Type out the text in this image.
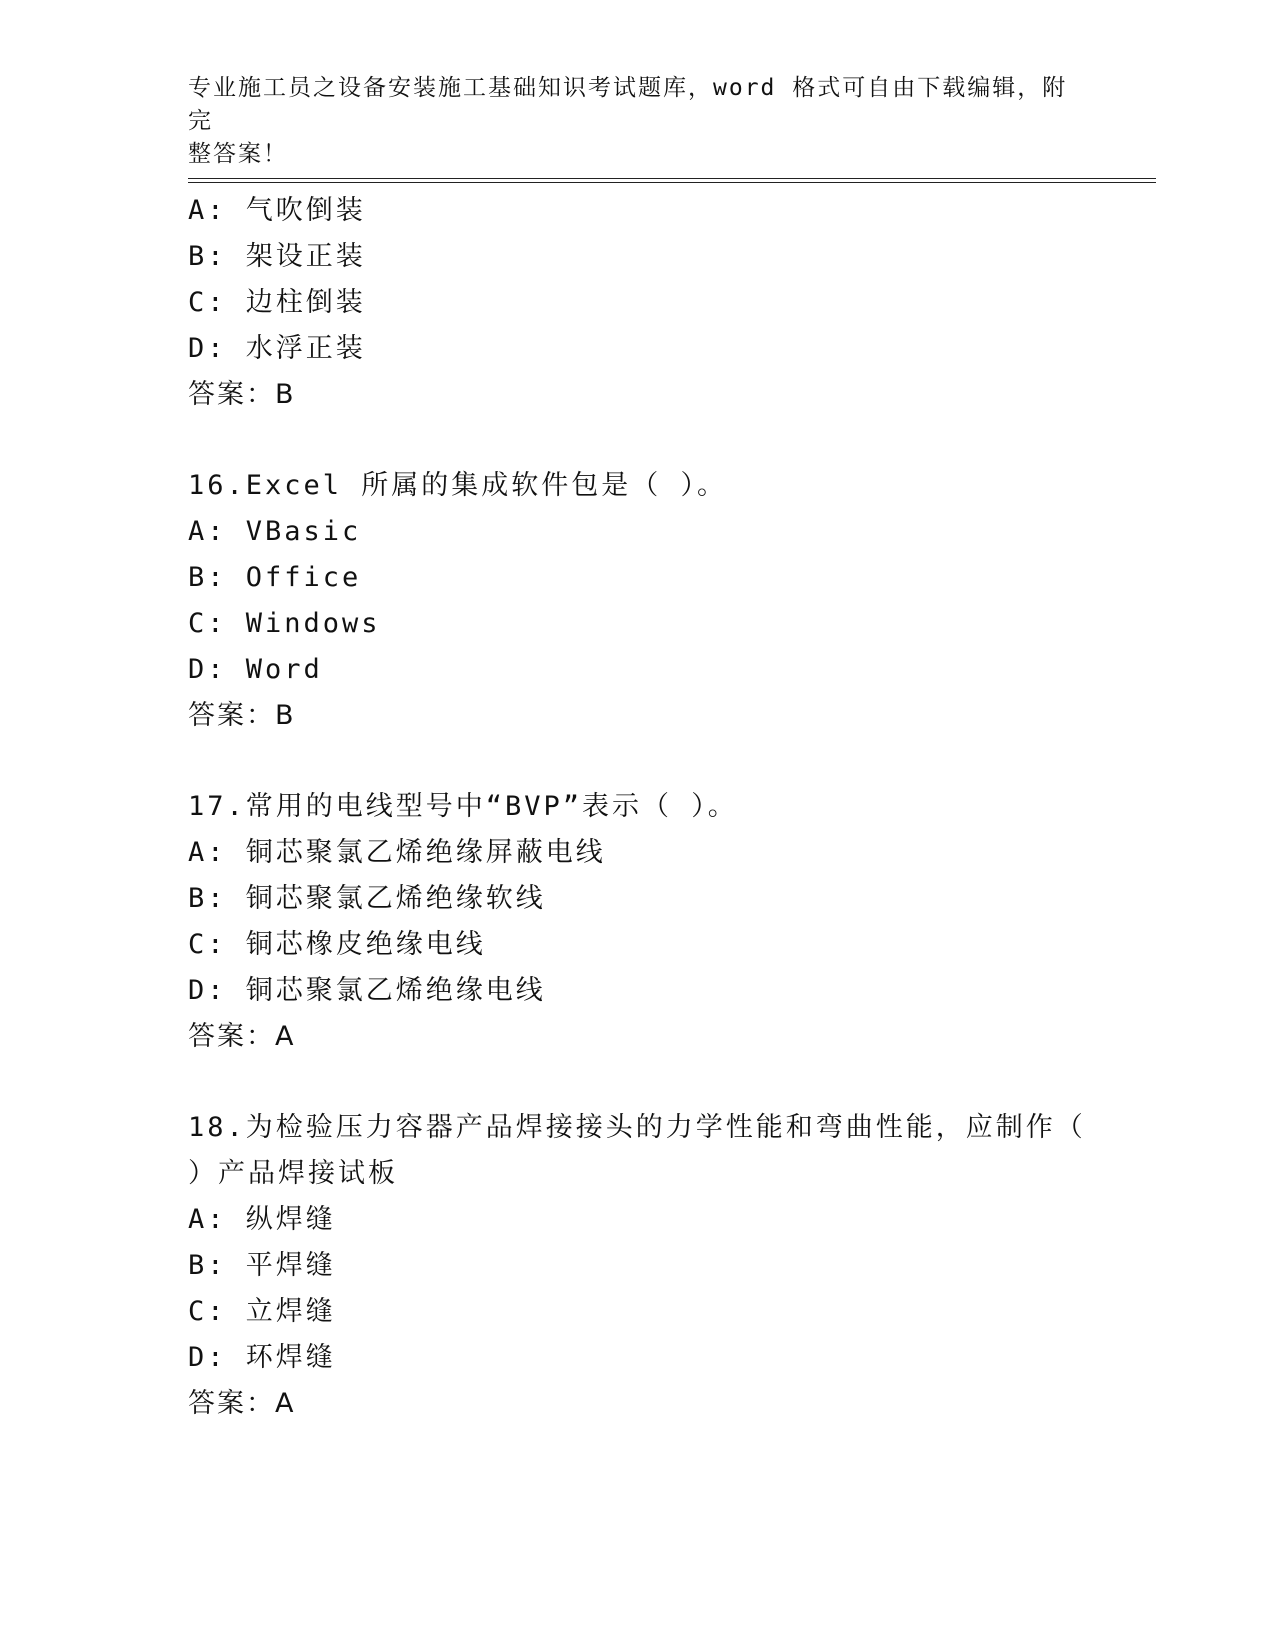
专业施工员之设备安装施工基础知识考试题库，word 格式可自由下载编辑，附完
整答案！
A: 气吹倒装
B: 架设正装
C: 边柱倒装
D: 水浮正装
答案：B
16.Excel 所属的集成软件包是（ ）。
A: VBasic
B: Office
C: Windows
D: Word
答案：B
17.常用的电线型号中“BVP”表示（ ）。
A: 铜芯聚氯乙烯绝缘屏蔽电线
B: 铜芯聚氯乙烯绝缘软线
C: 铜芯橡皮绝缘电线
D: 铜芯聚氯乙烯绝缘电线
答案：A
18.为检验压力容器产品焊接接头的力学性能和弯曲性能，应制作（
）产品焊接试板
A: 纵焊缝
B: 平焊缝
C: 立焊缝
D: 环焊缝
答案：A
